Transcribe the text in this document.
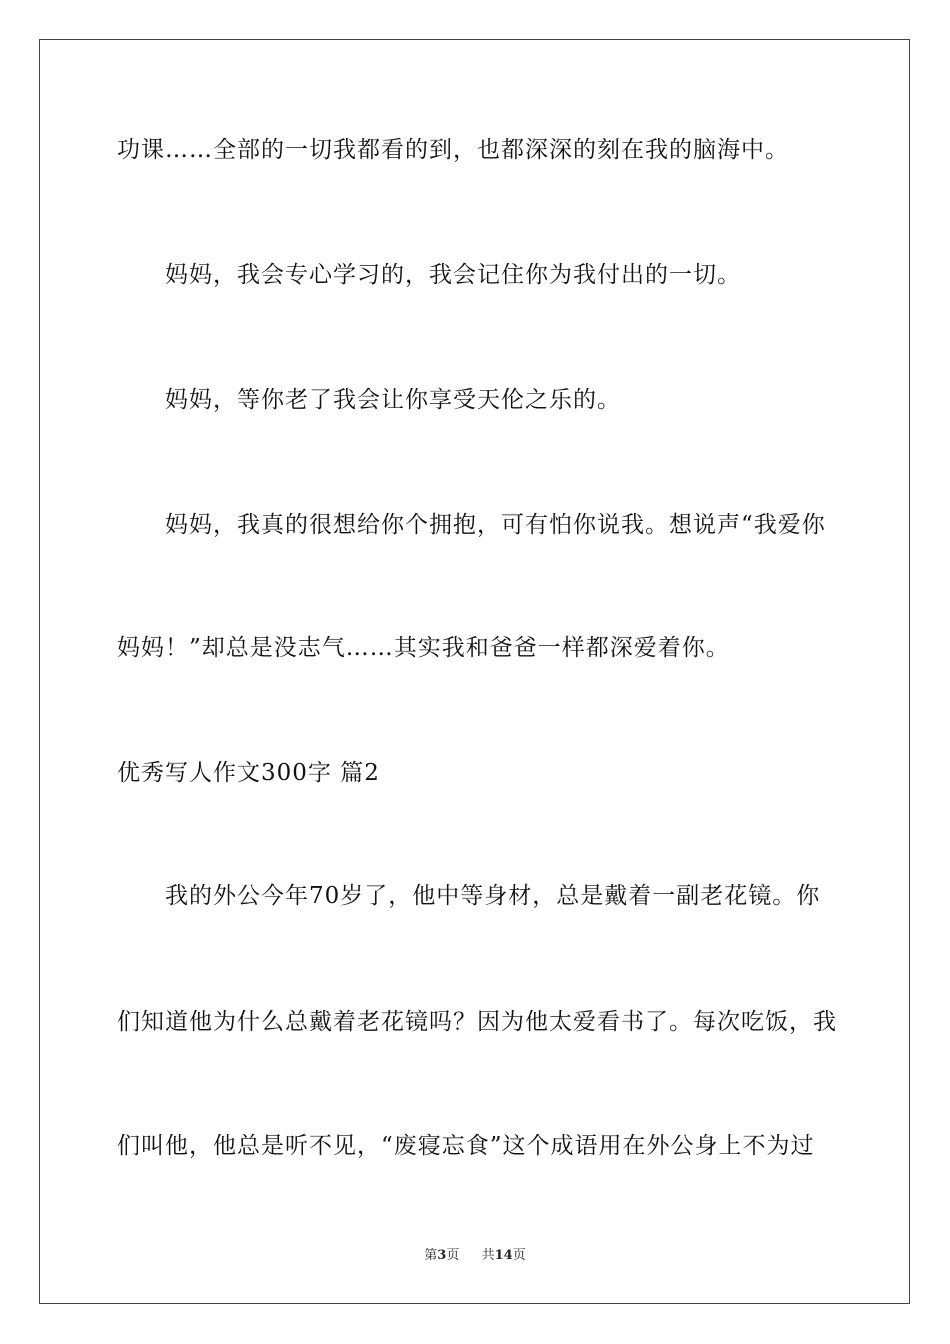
功课……全部的一切我都看的到，也都深深的刻在我的脑海中。
妈妈，我会专心学习的，我会记住你为我付出的一切。
妈妈，等你老了我会让你享受天伦之乐的。
妈妈，我真的很想给你个拥抱，可有怕你说我。想说声“我爱你
妈妈！”却总是没志气……其实我和爸爸一样都深爱着你。
优秀写人作文300字 篇2
我的外公今年70岁了，他中等身材，总是戴着一副老花镜。你
们知道他为什么总戴着老花镜吗？因为他太爱看书了。每次吃饭，我
们叫他，他总是听不见，“废寝忘食”这个成语用在外公身上不为过
第3页 共14页
